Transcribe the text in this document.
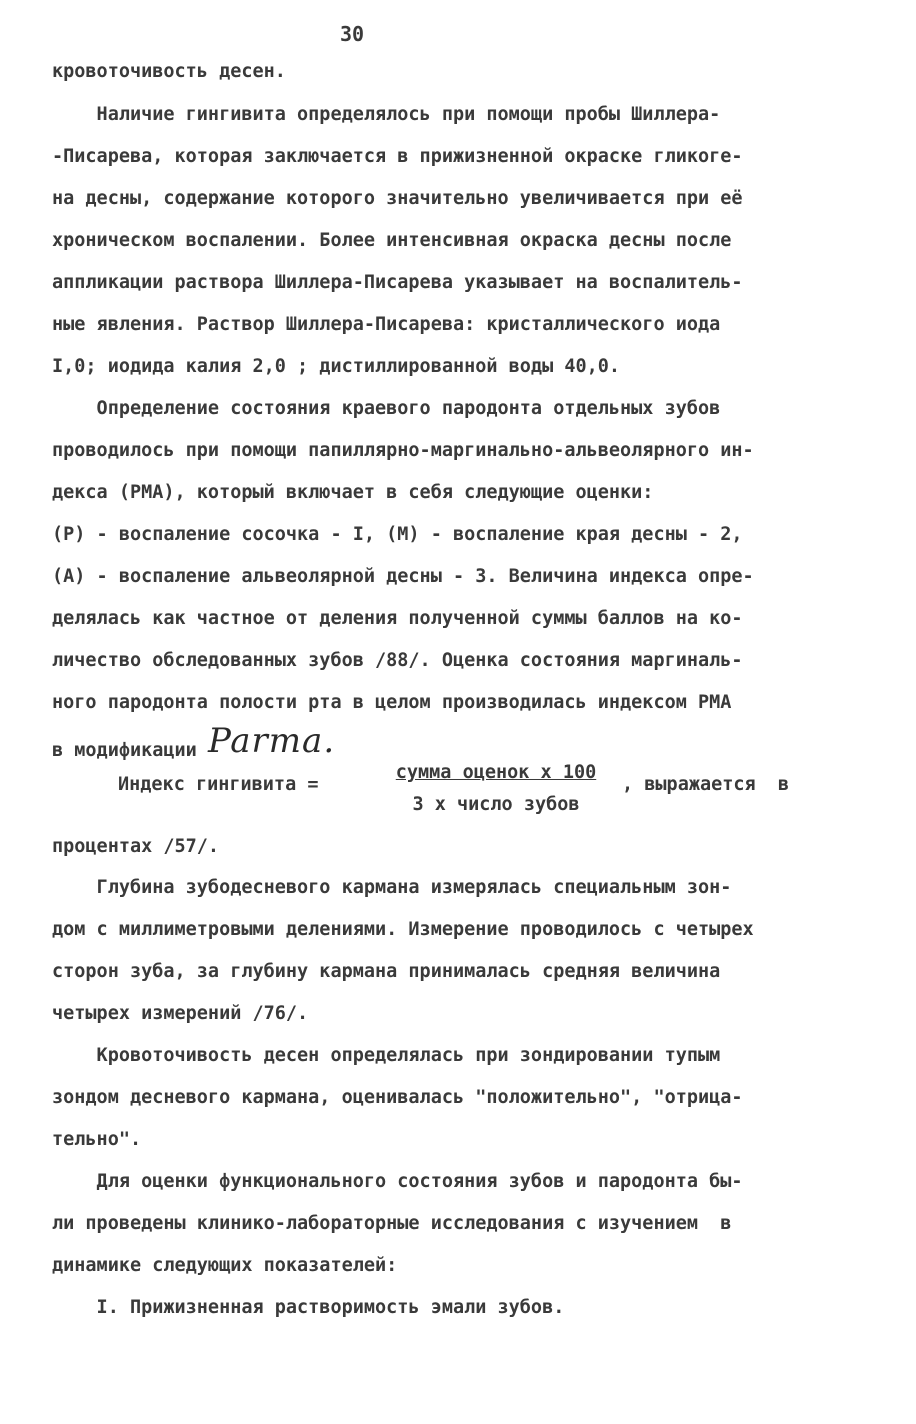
30
кровоточивость десен.
Наличие гингивита определялось при помощи пробы Шиллера-
-Писарева, которая заключается в прижизненной окраске гликоге-
на десны, содержание которого значительно увеличивается при её
хроническом воспалении. Более интенсивная окраска десны после
аппликации раствора Шиллера-Писарева указывает на воспалитель-
ные явления. Раствор Шиллера-Писарева: кристаллического иода
I,0; иодида калия 2,0 ; дистиллированной воды 40,0.
Определение состояния краевого пародонта отдельных зубов
проводилось при помощи папиллярно-маргинально-альвеолярного ин-
декса (PMA), который включает в себя следующие оценки:
(P) - воспаление сосочка - I, (M) - воспаление края десны - 2,
(A) - воспаление альвеолярной десны - 3. Величина индекса опре-
делялась как частное от деления полученной суммы баллов на ко-
личество обследованных зубов /88/. Оценка состояния маргиналь-
ного пародонта полости рта в целом производилась индексом PMA
в модификации Parma.
Индекс гингивита =
сумма оценок x 100
3 x число зубов
, выражается  в
процентах /57/.
Глубина зубодесневого кармана измерялась специальным зон-
дом с миллиметровыми делениями. Измерение проводилось с четырех
сторон зуба, за глубину кармана принималась средняя величина
четырех измерений /76/.
Кровоточивость десен определялась при зондировании тупым
зондом десневого кармана, оценивалась "положительно", "отрица-
тельно".
Для оценки функционального состояния зубов и пародонта бы-
ли проведены клинико-лабораторные исследования с изучением  в
динамике следующих показателей:
I. Прижизненная растворимость эмали зубов.
